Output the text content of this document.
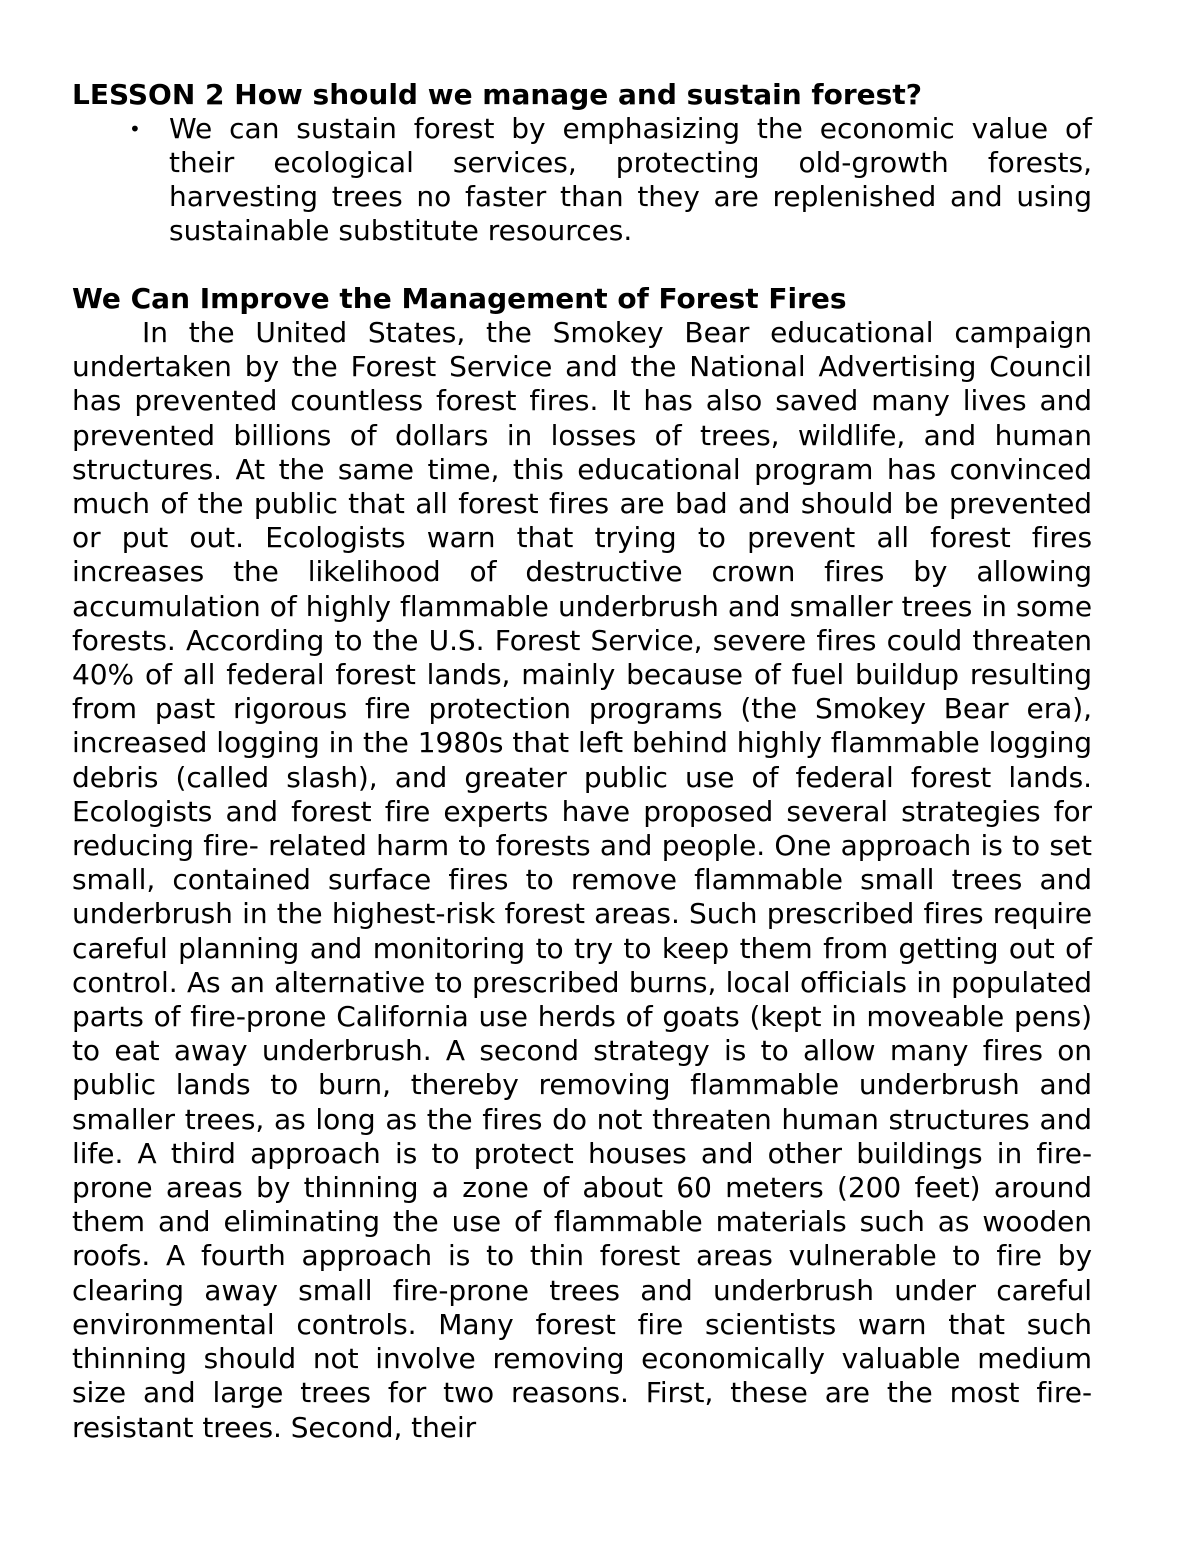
LESSON 2 How should we manage and sustain forest?
• We can sustain forest by emphasizing the economic value of their ecological services, protecting old-growth forests, harvesting trees no faster than they are replenished and using sustainable substitute resources.
We Can Improve the Management of Forest Fires

In the United States, the Smokey Bear educational campaign undertaken by the Forest Service and the National Advertising Council has prevented countless forest fires. It has also saved many lives and prevented billions of dollars in losses of trees, wildlife, and human structures. At the same time, this educational program has convinced much of the public that all forest fires are bad and should be prevented or put out. Ecologists warn that trying to prevent all forest fires increases the likelihood of destructive crown fires by allowing accumulation of highly flammable underbrush and smaller trees in some forests. According to the U.S. Forest Service, severe fires could threaten 40% of all federal forest lands, mainly because of fuel buildup resulting from past rigorous fire protection programs (the Smokey Bear era), increased logging in the 1980s that left behind highly flammable logging debris (called slash), and greater public use of federal forest lands. Ecologists and forest fire experts have proposed several strategies for reducing fire- related harm to forests and people. One approach is to set small, contained surface fires to remove flammable small trees and underbrush in the highest-risk forest areas. Such prescribed fires require careful planning and monitoring to try to keep them from getting out of control. As an alternative to prescribed burns, local officials in populated parts of fire-prone California use herds of goats (kept in moveable pens) to eat away underbrush. A second strategy is to allow many fires on public lands to burn, thereby removing flammable underbrush and smaller trees, as long as the fires do not threaten human structures and life. A third approach is to protect houses and other buildings in fire-prone areas by thinning a zone of about 60 meters (200 feet) around them and eliminating the use of flammable materials such as wooden roofs. A fourth approach is to thin forest areas vulnerable to fire by clearing away small fire-prone trees and underbrush under careful environmental controls. Many forest fire scientists warn that such thinning should not involve removing economically valuable medium size and large trees for two reasons. First, these are the most fire-resistant trees. Second, their
